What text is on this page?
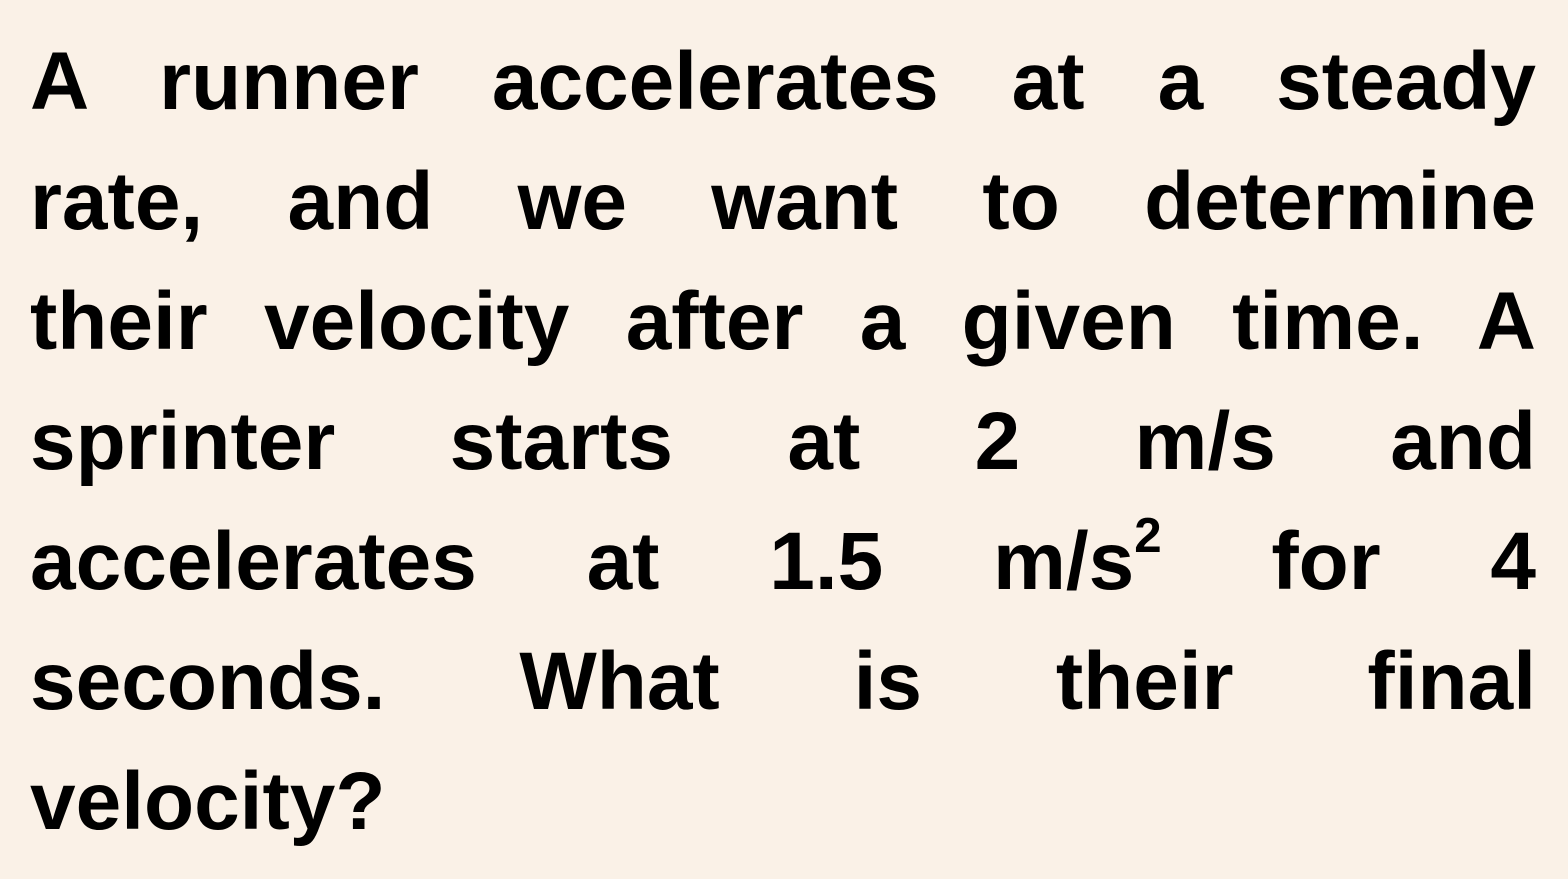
A runner accelerates at a steady
rate, and we want to determine
their velocity after a given time. A
sprinter starts at 2 m/s and
accelerates at 1.5 $m/s^2$ for 4
seconds. What is their final
velocity?
